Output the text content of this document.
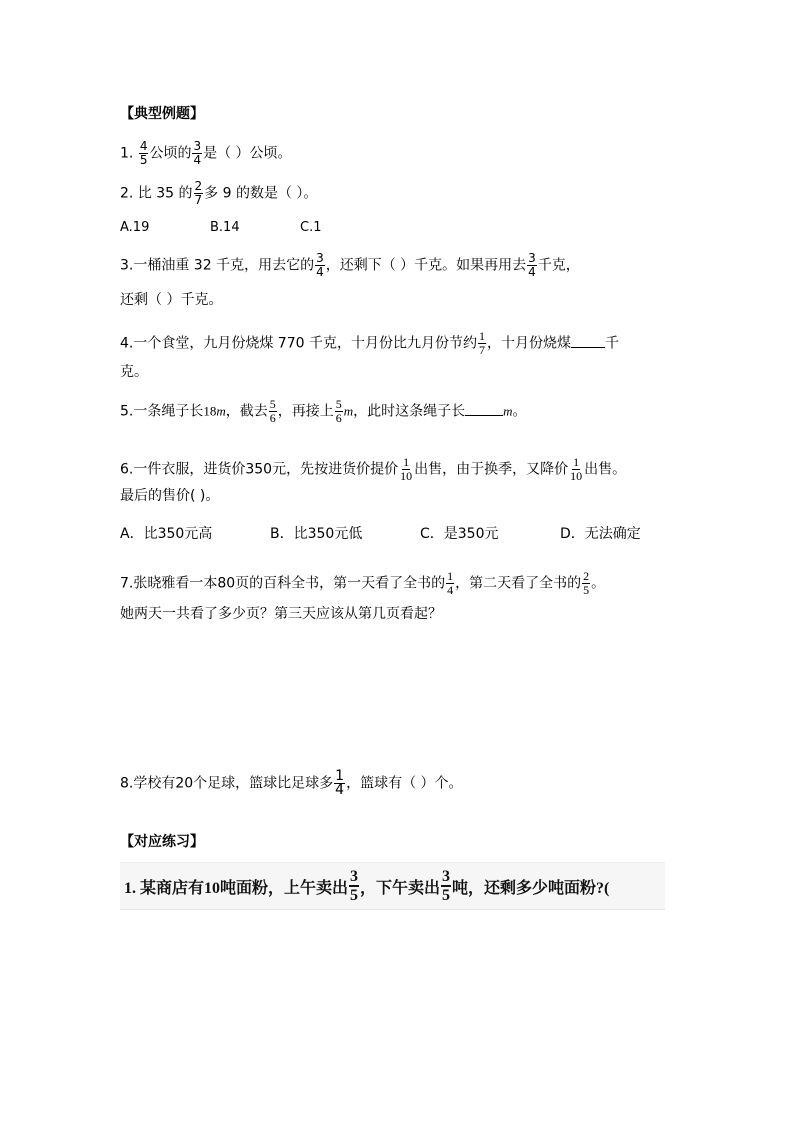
【典型例题】
1. $\frac{4}{5}$ 公顷的 $\frac{3}{4}$ 是（ ）公顷。
2. 比 35 的 $\frac{2}{7}$ 多 9 的数是（ ）。
A.19	B.14	C.1
3.一桶油重 32 千克，用去它的 $\frac{3}{4}$ ，还剩下（ ）千克。如果再用去 $\frac{3}{4}$ 千克，
还剩（ ）千克。
4.一个食堂，九月份烧煤 770 千克，十月份比九月份节约 $\frac{1}{7}$ ，十月份烧煤 千
克。
5.一条绳子长18m，截去 $\frac{5}{6}$ ，再接上 $\frac{5}{6}$ m，此时这条绳子长	m。
6.一件衣服，进货价350元，先按进货价提价 $\frac{1}{10}$ 出售，由于换季，又降价 $\frac{1}{10}$ 出售。
最后的售价( )。
A．比350元高	B．比350元低	C．是350元	D．无法确定
7.张晓雅看一本80页的百科全书，第一天看了全书的 $\frac{1}{4}$ ，第二天看了全书的 $\frac{2}{5}$ 。
她两天一共看了多少页？第三天应该从第几页看起？
8.学校有20个足球，篮球比足球多 $\frac{1}{4}$ ，篮球有（ ）个。
【对应练习】
1. 某商店有10吨面粉，上午卖出 $\frac{3}{5}$ ，下午卖出 $\frac{3}{5}$ 吨，还剩多少吨面粉?(
